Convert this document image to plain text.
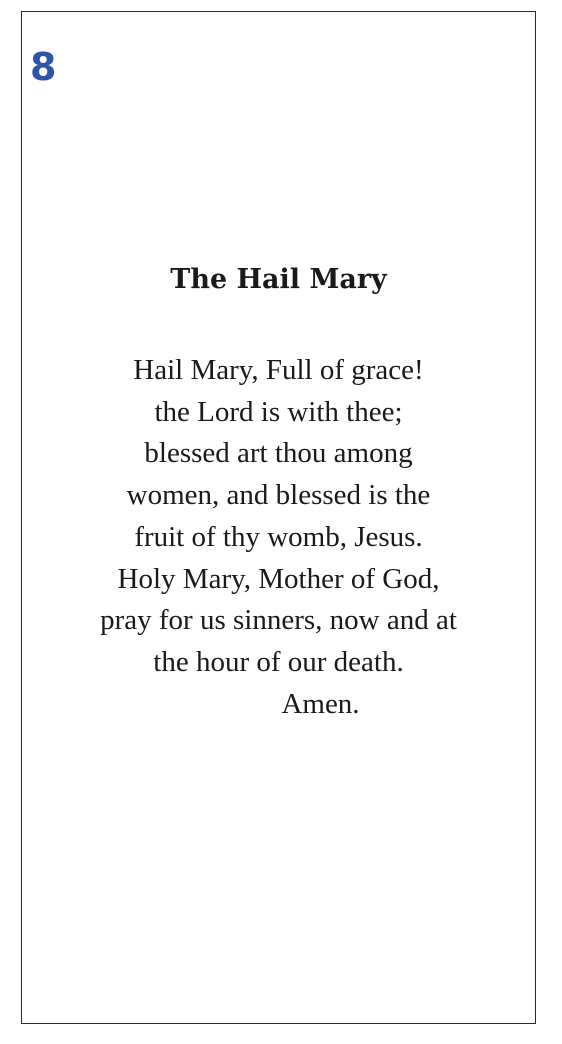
8
The Hail Mary
Hail Mary, Full of grace!
the Lord is with thee;
blessed art thou among
women, and blessed is the
fruit of thy womb, Jesus.
Holy Mary, Mother of God,
pray for us sinners, now and at
the hour of our death.
Amen.
